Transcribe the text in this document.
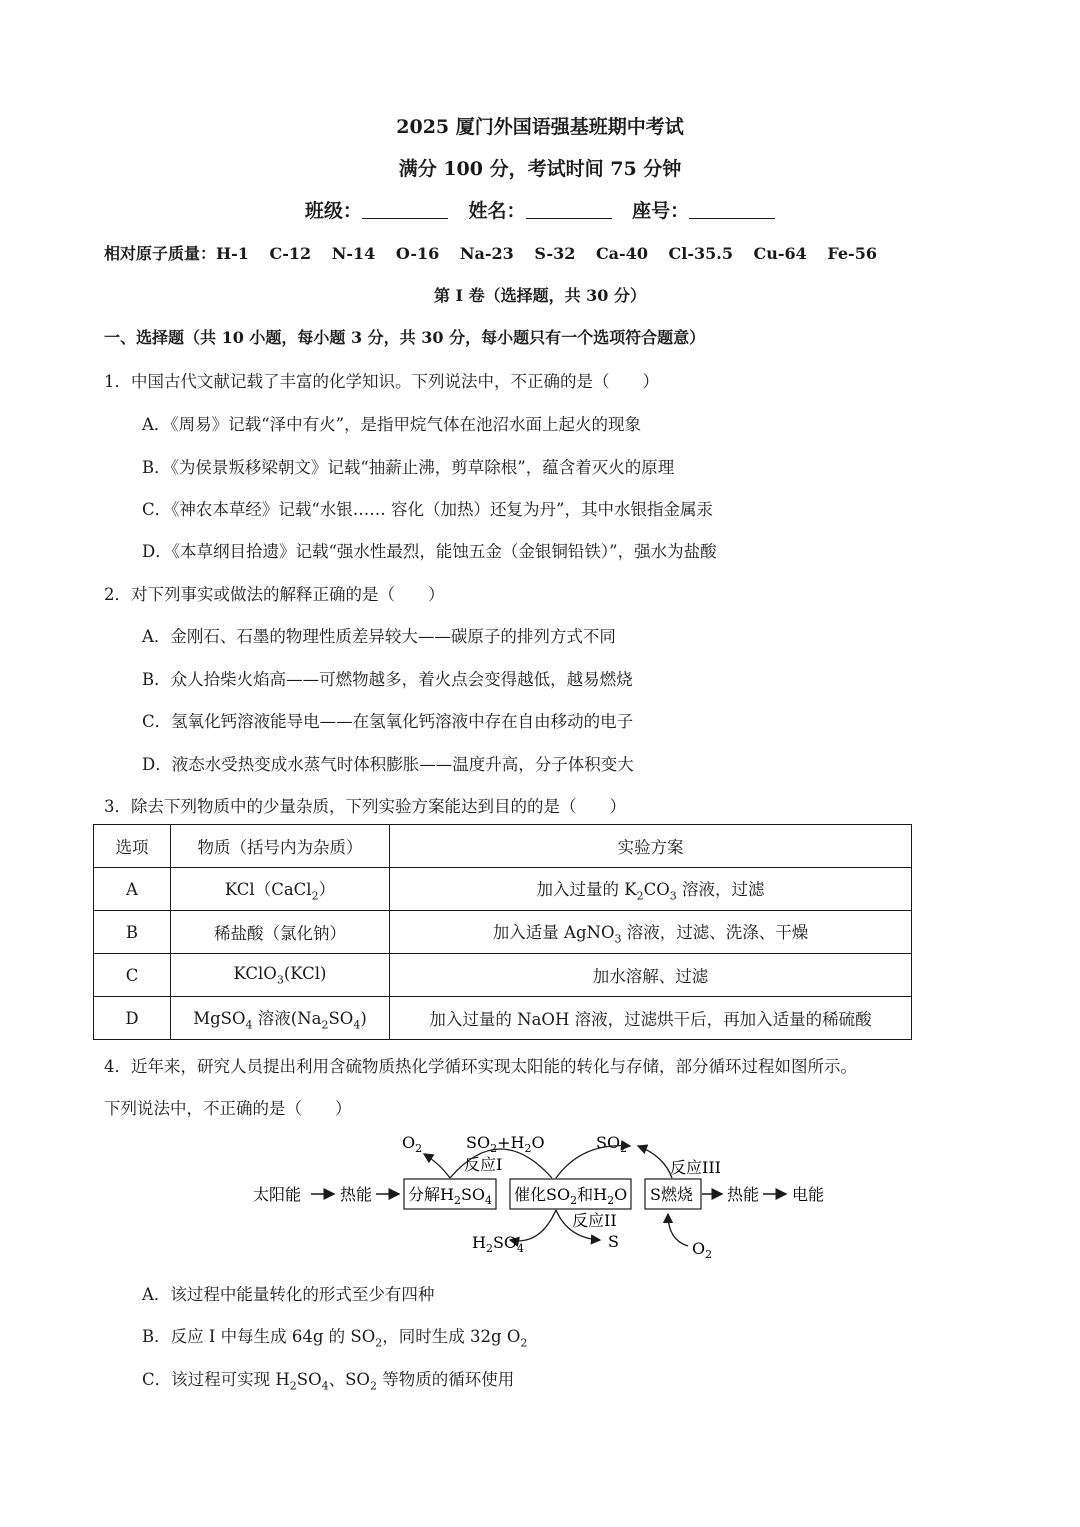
2025 厦门外国语强基班期中考试
满分 100 分，考试时间 75 分钟
班级：	姓名：	座号：
相对原子质量：H-1 C-12 N-14 O-16 Na-23 S-32 Ca-40 Cl-35.5 Cu-64 Fe-56
第 I 卷（选择题，共 30 分）
一、选择题（共 10 小题，每小题 3 分，共 30 分，每小题只有一个选项符合题意）
1．中国古代文献记载了丰富的化学知识。下列说法中，不正确的是（　　）
A．《周易》记载“泽中有火”，是指甲烷气体在池沼水面上起火的现象
B．《为侯景叛移梁朝文》记载“抽薪止沸，剪草除根”，蕴含着灭火的原理
C．《神农本草经》记载“水银…… 容化（加热）还复为丹”，其中水银指金属汞
D．《本草纲目拾遗》记载“强水性最烈，能蚀五金（金银铜铅铁）”，强水为盐酸
2．对下列事实或做法的解释正确的是（　　）
A．金刚石、石墨的物理性质差异较大——碳原子的排列方式不同
B．众人拾柴火焰高——可燃物越多，着火点会变得越低，越易燃烧
C．氢氧化钙溶液能导电——在氢氧化钙溶液中存在自由移动的电子
D．液态水受热变成水蒸气时体积膨胀——温度升高，分子体积变大
3．除去下列物质中的少量杂质，下列实验方案能达到目的的是（　　）
选项	物质（括号内为杂质）	实验方案
A	KCl（CaCl$_2$）	加入过量的 $K_2CO_3$ 溶液，过滤
B	稀盐酸（氯化钠）	加入适量 AgNO$_3$ 溶液，过滤、洗涤、干燥
C	KClO$_3$(KCl)	加水溶解、过滤
D	MgSO$_4$ 溶液$(Na_2SO_4)$	加入过量的 NaOH 溶液，过滤烘干后，再加入适量的稀硫酸
4．近年来，研究人员提出利用含硫物质热化学循环实现太阳能的转化与存储，部分循环过程如图所示。
下列说法中，不正确的是（　　）
太阳能 热能 分解$H_2SO_4$ 催化$SO_2$和$H_2O$ S燃烧 热能 电能
$O_2$	$SO_2+H_2O$	$SO_2$
反应I	反应III
反应II
$H_2SO_4$	S	$O_2$
A．该过程中能量转化的形式至少有四种
B．反应 I 中每生成 64g 的 $SO_2$，同时生成 32g $O_2$
C．该过程可实现 $H_2SO_4$、$SO_2$ 等物质的循环使用
